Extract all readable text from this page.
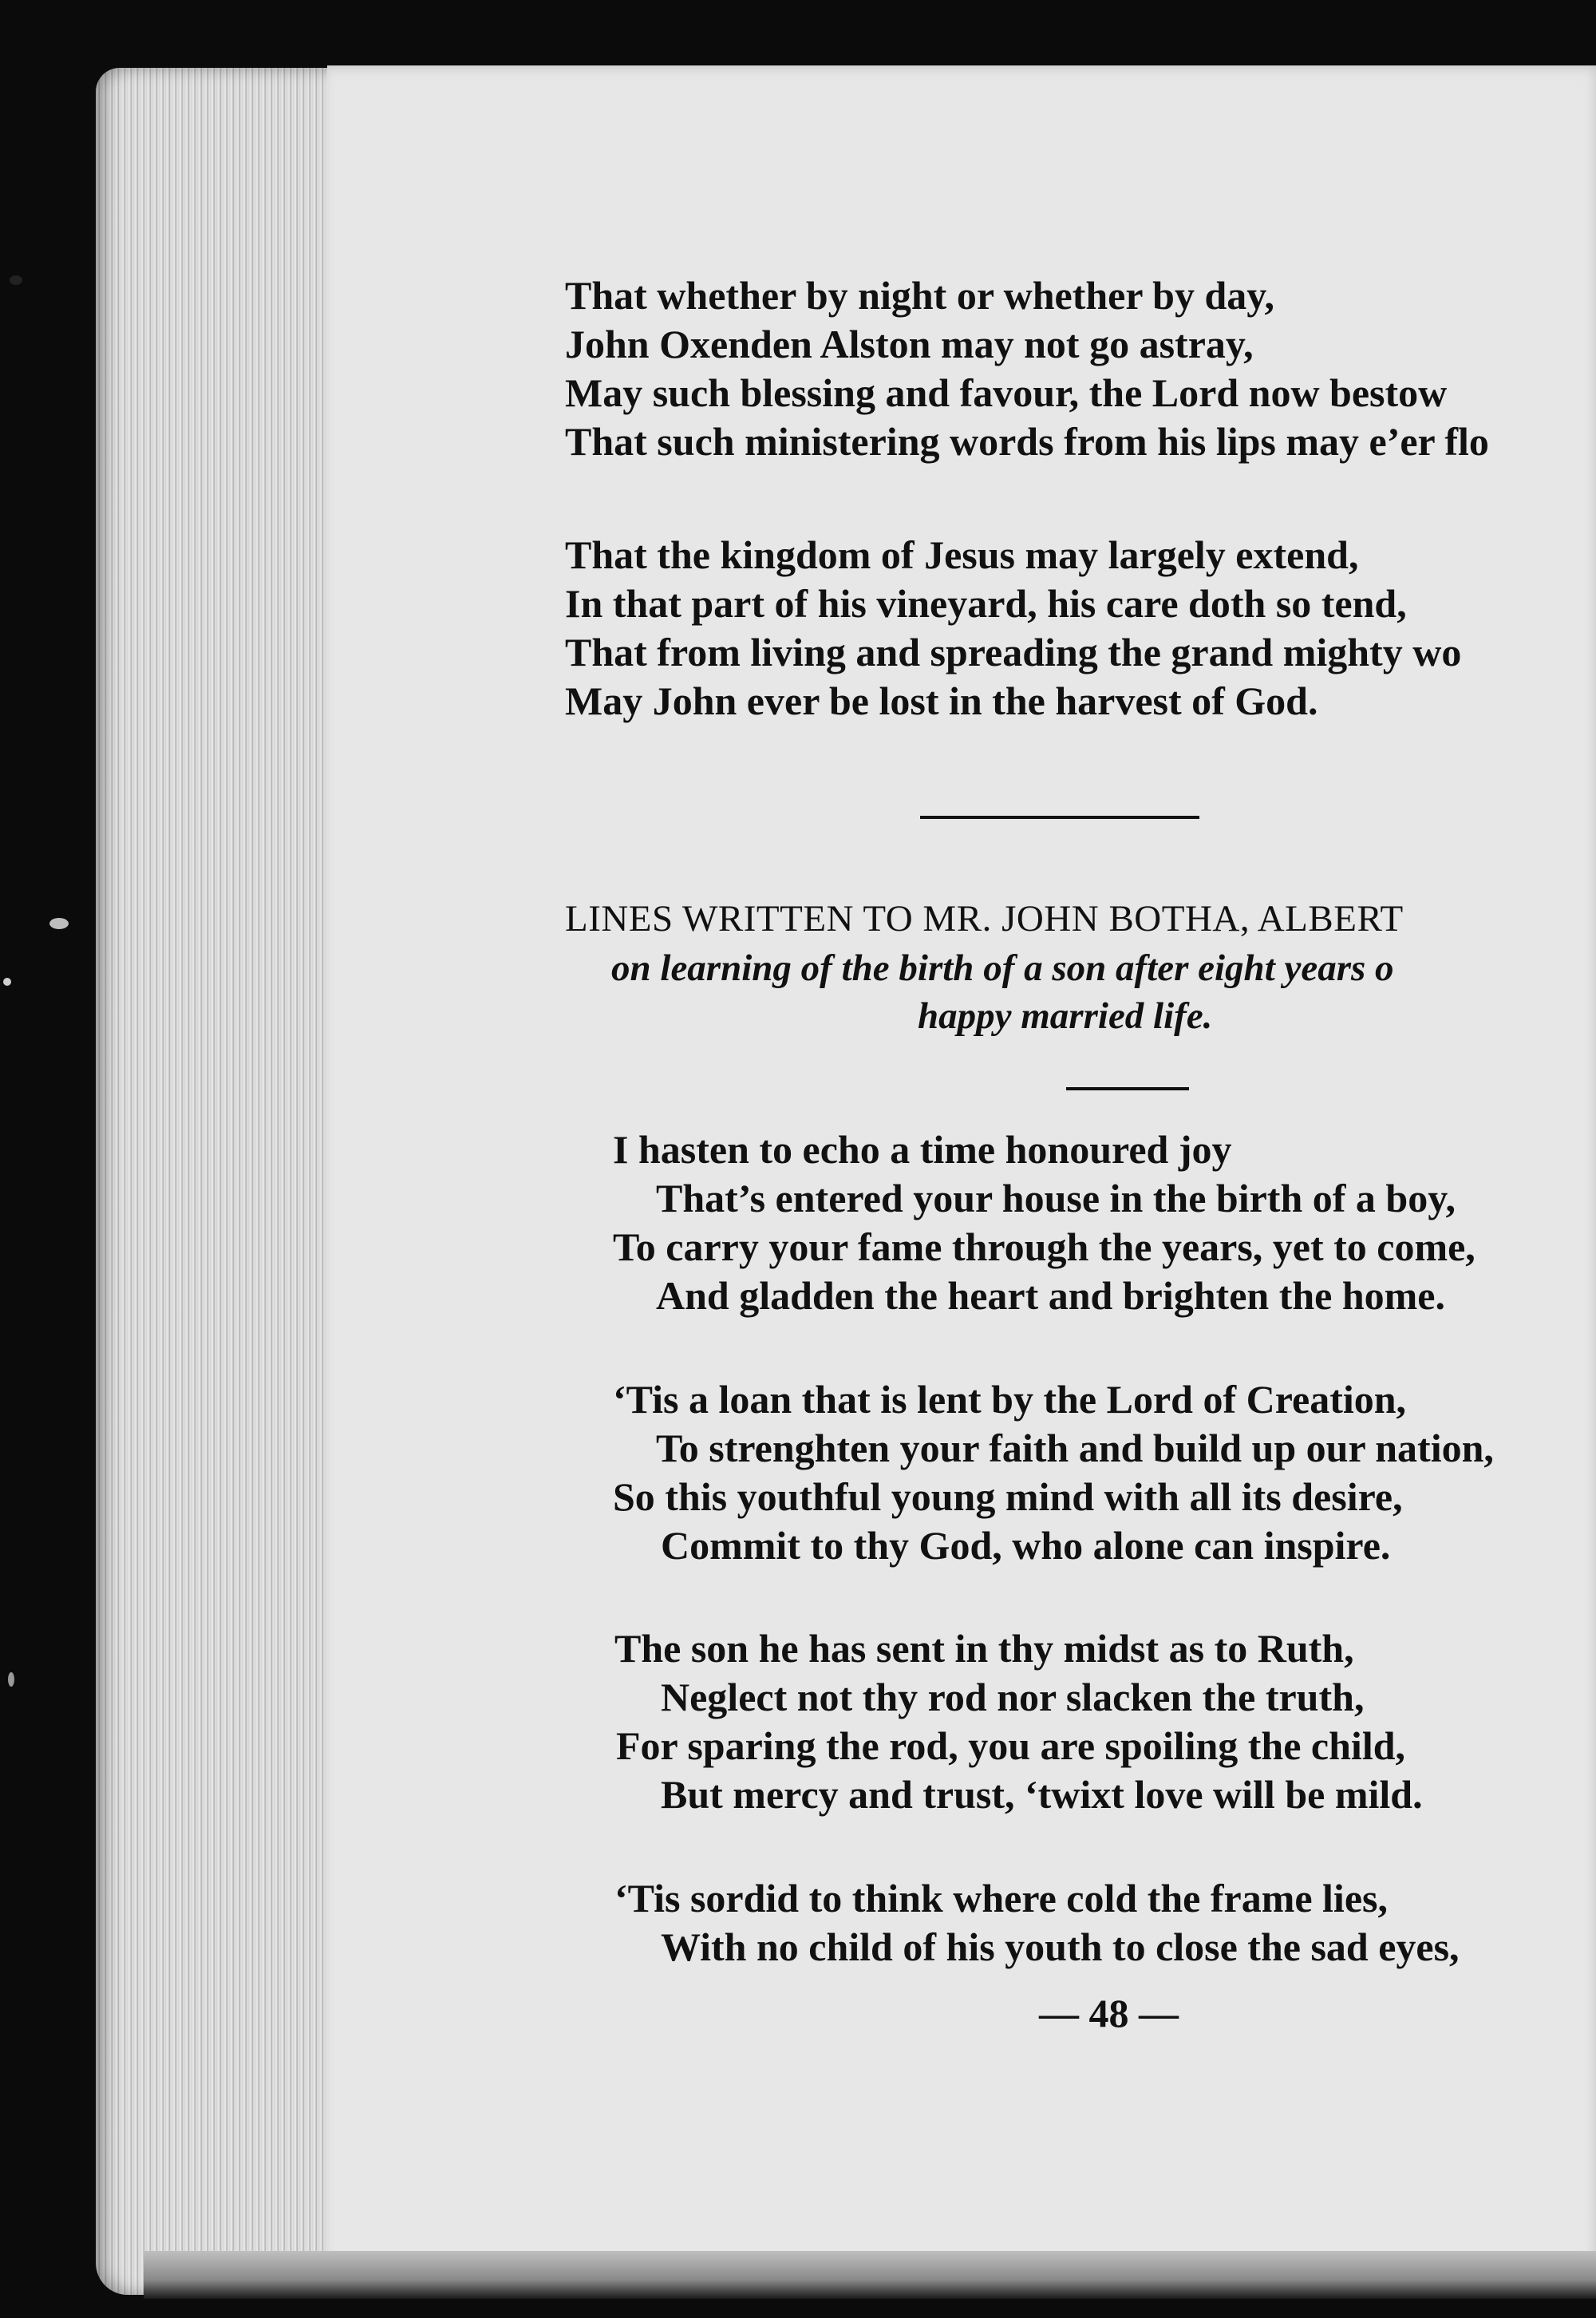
That whether by night or whether by day,
John Oxenden Alston may not go astray,
May such blessing and favour, the Lord now bestow
That such ministering words from his lips may e’er flo
That the kingdom of Jesus may largely extend,
In that part of his vineyard, his care doth so tend,
That from living and spreading the grand mighty wo
May John ever be lost in the harvest of God.
LINES WRITTEN TO MR. JOHN BOTHA, ALBERT
on learning of the birth of a son after eight years o
happy married life.
I hasten to echo a time honoured joy
That’s entered your house in the birth of a boy,
To carry your fame through the years, yet to come,
And gladden the heart and brighten the home.
‘Tis a loan that is lent by the Lord of Creation,
To strenghten your faith and build up our nation,
So this youthful young mind with all its desire,
Commit to thy God, who alone can inspire.
The son he has sent in thy midst as to Ruth,
Neglect not thy rod nor slacken the truth,
For sparing the rod, you are spoiling the child,
But mercy and trust, ‘twixt love will be mild.
‘Tis sordid to think where cold the frame lies,
With no child of his youth to close the sad eyes,
— 48 —
